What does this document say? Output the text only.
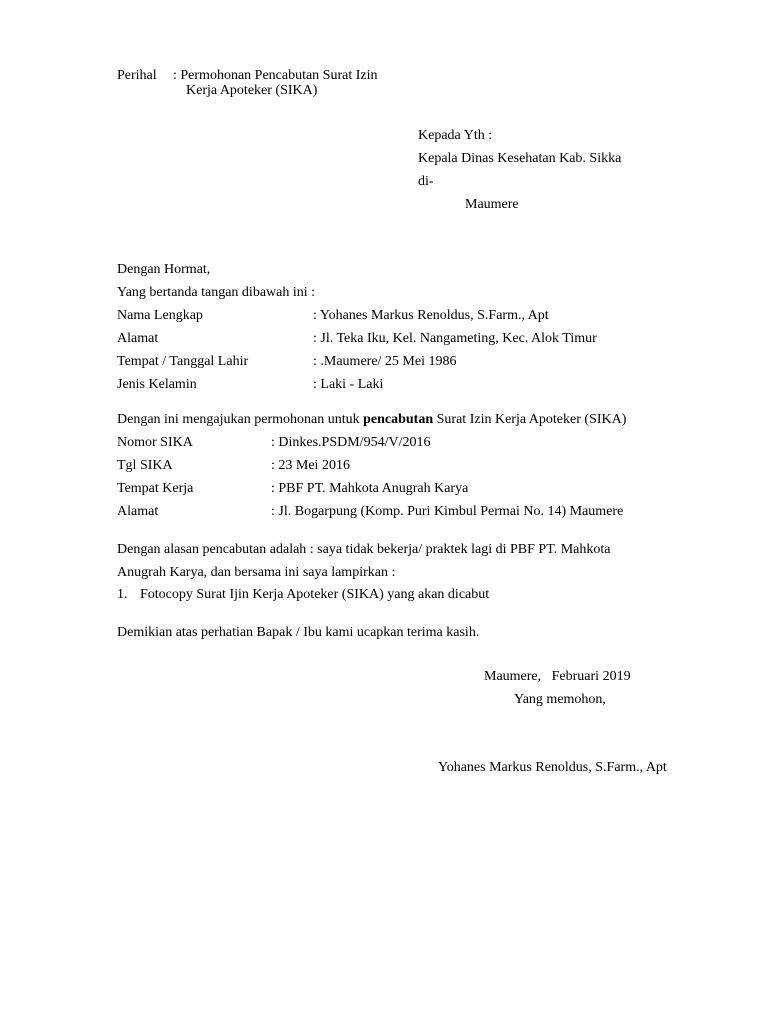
Perihal : Permohonan Pencabutan Surat Izin
Kerja Apoteker (SIKA)
Kepada Yth :
Kepala Dinas Kesehatan Kab. Sikka
di-
Maumere
Dengan Hormat,
Yang bertanda tangan dibawah ini :
Nama Lengkap	: Yohanes Markus Renoldus, S.Farm., Apt
Alamat	: Jl. Teka Iku, Kel. Nangameting, Kec. Alok Timur
Tempat / Tanggal Lahir	: .Maumere/ 25 Mei 1986
Jenis Kelamin	: Laki - Laki
Dengan ini mengajukan permohonan untuk pencabutan Surat Izin Kerja Apoteker (SIKA)
Nomor SIKA	: Dinkes.PSDM/954/V/2016
Tgl SIKA	: 23 Mei 2016
Tempat Kerja	: PBF PT. Mahkota Anugrah Karya
Alamat	: Jl. Bogarpung (Komp. Puri Kimbul Permai No. 14) Maumere
Dengan alasan pencabutan adalah : saya tidak bekerja/ praktek lagi di PBF PT. Mahkota
Anugrah Karya, dan bersama ini saya lampirkan :
1. Fotocopy Surat Ijin Kerja Apoteker (SIKA) yang akan dicabut
Demikian atas perhatian Bapak / Ibu kami ucapkan terima kasih.
Maumere,   Februari 2019
Yang memohon,
Yohanes Markus Renoldus, S.Farm., Apt
